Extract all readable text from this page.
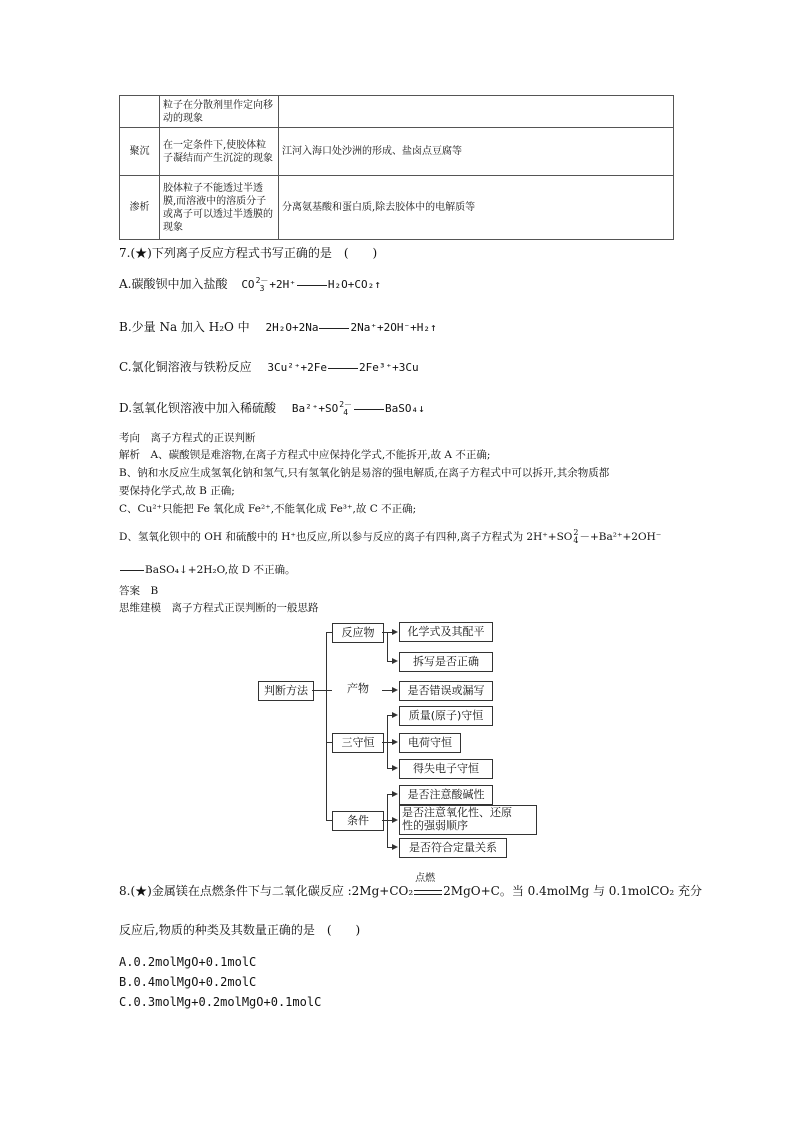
	粒子在分散剂里作定向移动的现象	
聚沉	在一定条件下,使胶体粒子凝结而产生沉淀的现象	江河入海口处沙洲的形成、盐卤点豆腐等
渗析	胶体粒子不能透过半透膜,而溶液中的溶质分子或离子可以透过半透膜的现象	分离氨基酸和蛋白质,除去胶体中的电解质等
7.(★)下列离子反应方程式书写正确的是　(　　)
A.碳酸钡中加入盐酸 CO2－
3 +2H⁺	H₂O+CO₂↑
B.少量 Na 加入 H₂O 中 2H₂O+2Na	2Na⁺+2OH⁻+H₂↑
C.氯化铜溶液与铁粉反应 3Cu²⁺+2Fe	2Fe³⁺+3Cu
D.氢氧化钡溶液中加入稀硫酸 Ba²⁺+SO2－
4	BaSO₄↓
考向　离子方程式的正误判断
解析　A、碳酸钡是难溶物,在离子方程式中应保持化学式,不能拆开,故 A 不正确;
B、钠和水反应生成氢氧化钠和氢气,只有氢氧化钠是易溶的强电解质,在离子方程式中可以拆开,其余物质都
要保持化学式,故 B 正确;
C、Cu²⁺只能把 Fe 氧化成 Fe²⁺,不能氧化成 Fe³⁺,故 C 不正确;
D、氢氧化钡中的 OH 和硫酸中的 H⁺也反应,所以参与反应的离子有四种,离子方程式为 2H⁺+SO2
4－+Ba²⁺+2OH⁻
BaSO₄↓+2H₂O,故 D 不正确。
答案　B
思维建模　离子方程式正误判断的一般思路
判断方法
反应物
产物
三守恒
条件
化学式及其配平
拆写是否正确
是否错误或漏写
质量(原子)守恒
电荷守恒
得失电子守恒
是否注意酸碱性
是否注意氧化性、还原
性的强弱顺序
是否符合定量关系
8.(★)金属镁在点燃条件下与二氧化碳反应 :2Mg+CO₂
点燃
2MgO+C。当 0.4molMg 与 0.1molCO₂ 充分
反应后,物质的种类及其数量正确的是　(　　)
A.0.2molMgO+0.1molC
B.0.4molMgO+0.2molC
C.0.3molMg+0.2molMgO+0.1molC
